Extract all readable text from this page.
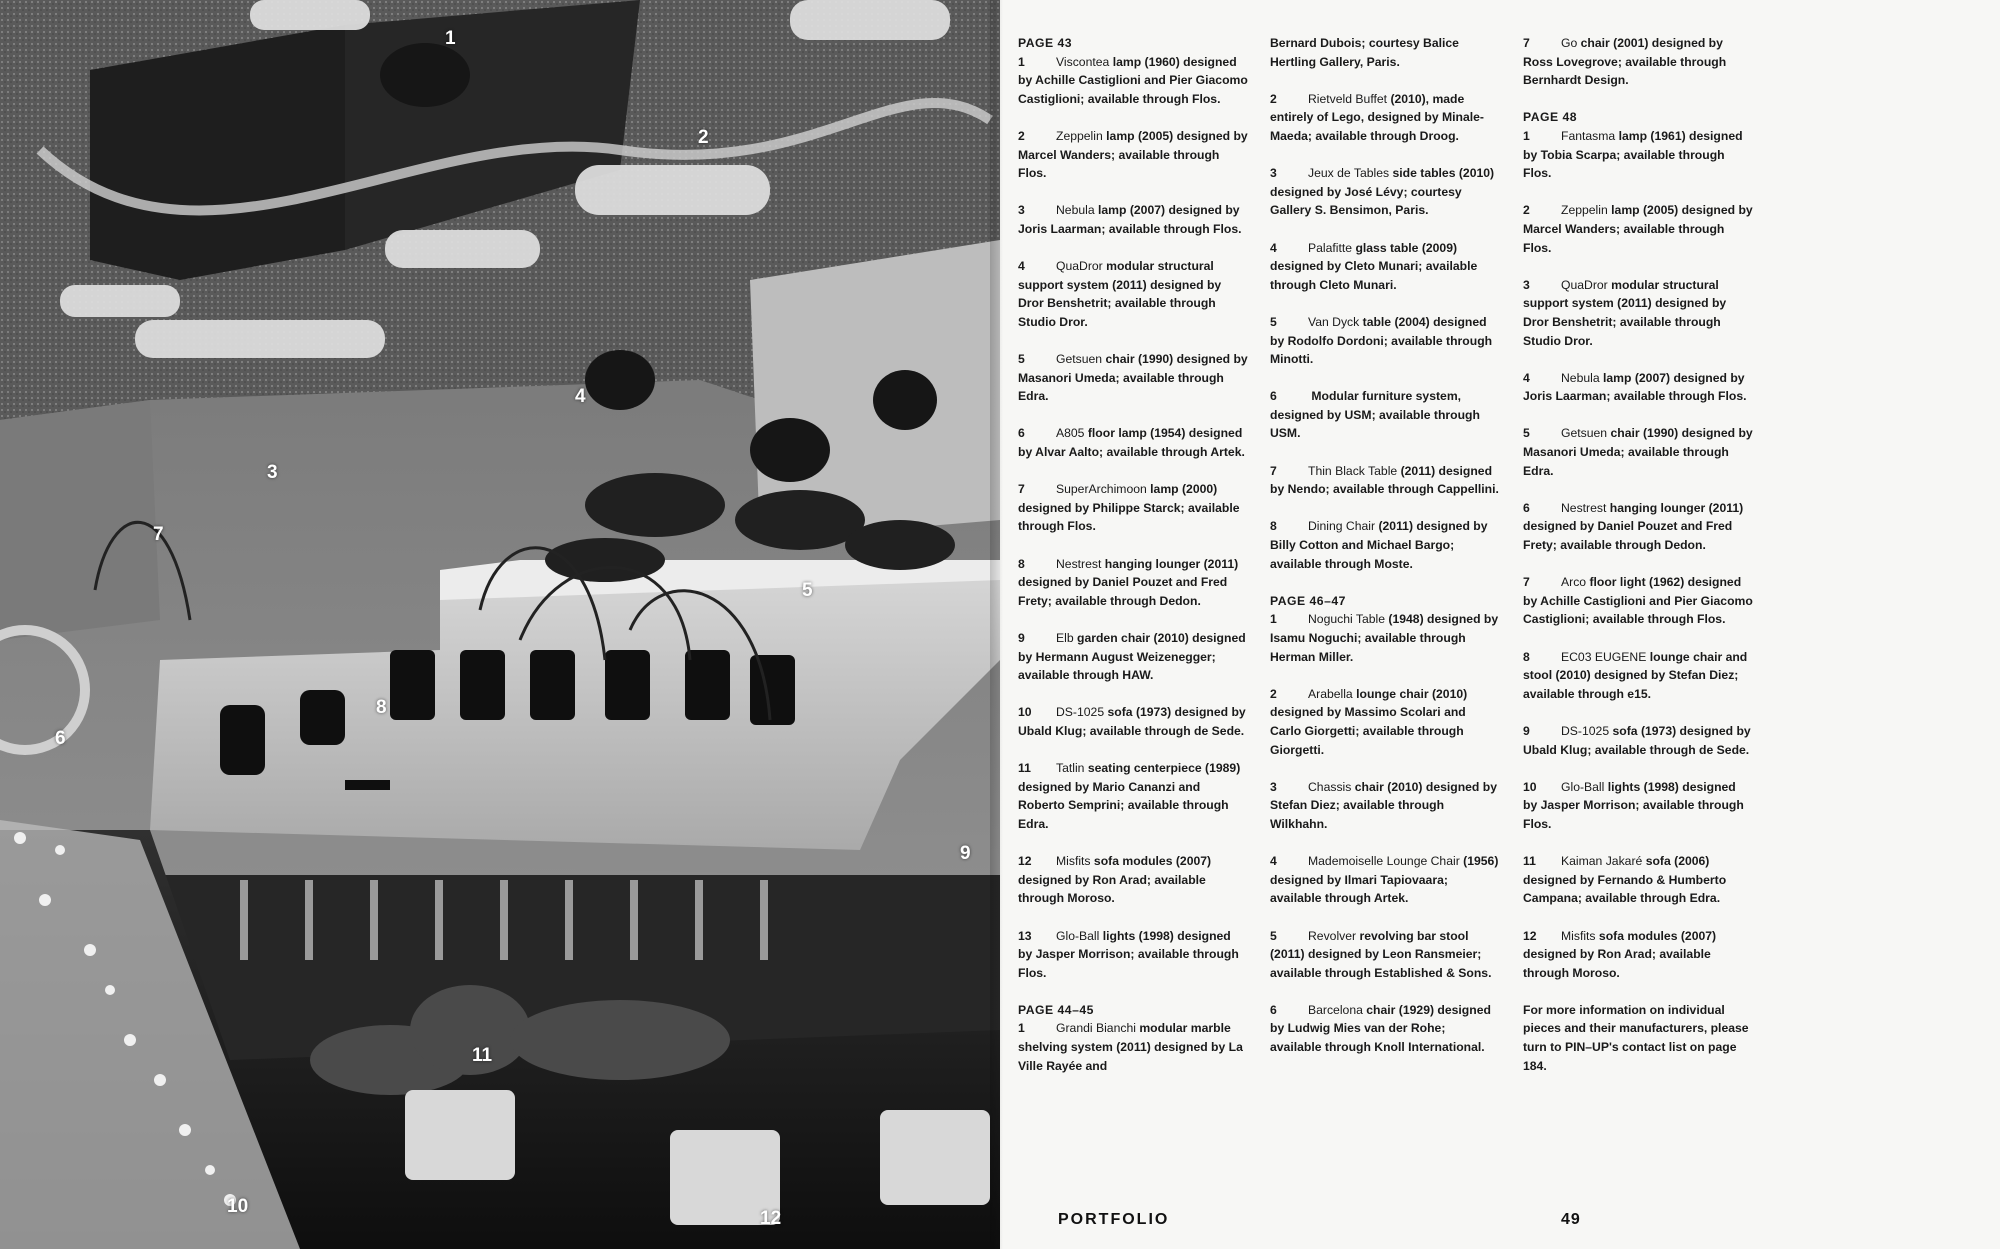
1
2
3
4
5
6
7
8
9
10
11
12
PAGE 43
1	Viscontea lamp (1960) designed by Achille Castiglioni and Pier Giacomo Castiglioni; available through Flos.
2	Zeppelin lamp (2005) designed by Marcel Wanders; available through Flos.
3	Nebula lamp (2007) designed by Joris Laarman; available through Flos.
4	QuaDror modular structural support system (2011) designed by Dror Benshetrit; available through Studio Dror.
5	Getsuen chair (1990) designed by Masanori Umeda; available through Edra.
6	A805 floor lamp (1954) designed by Alvar Aalto; available through Artek.
7	SuperArchimoon lamp (2000) designed by Philippe Starck; available through Flos.
8	Nestrest hanging lounger (2011) designed by Daniel Pouzet and Fred Frety; available through Dedon.
9	Elb garden chair (2010) designed by Hermann August Weizenegger; available through HAW.
10 DS-1025 sofa (1973) designed by Ubald Klug; available through de Sede.
11 Tatlin seating centerpiece (1989) designed by Mario Cananzi and Roberto Semprini; available through Edra.
12 Misfits sofa modules (2007) designed by Ron Arad; available through Moroso.
13 Glo-Ball lights (1998) designed by Jasper Morrison; available through Flos.
PAGE 44–45
1	Grandi Bianchi modular marble shelving system (2011) designed by La Ville Rayée and
Bernard Dubois; courtesy Balice Hertling Gallery, Paris.
2	Rietveld Buffet (2010), made entirely of Lego, designed by Minale-Maeda; available through Droog.
3	Jeux de Tables side tables (2010) designed by José Lévy; courtesy Gallery S. Bensimon, Paris.
4	Palafitte glass table (2009) designed by Cleto Munari; available through Cleto Munari.
5	Van Dyck table (2004) designed by Rodolfo Dordoni; available through Minotti.
6	Modular furniture system, designed by USM; available through USM.
7	Thin Black Table (2011) designed by Nendo; available through Cappellini.
8	Dining Chair (2011) designed by Billy Cotton and Michael Bargo; available through Moste.
PAGE 46–47
1	Noguchi Table (1948) designed by Isamu Noguchi; available through Herman Miller.
2	Arabella lounge chair (2010) designed by Massimo Scolari and Carlo Giorgetti; available through Giorgetti.
3	Chassis chair (2010) designed by Stefan Diez; available through Wilkhahn.
4	Mademoiselle Lounge Chair (1956) designed by Ilmari Tapiovaara; available through Artek.
5	Revolver revolving bar stool (2011) designed by Leon Ransmeier; available through Established & Sons.
6	Barcelona chair (1929) designed by Ludwig Mies van der Rohe; available through Knoll International.
7	Go chair (2001) designed by Ross Lovegrove; available through Bernhardt Design.
PAGE 48
1	Fantasma lamp (1961) designed by Tobia Scarpa; available through Flos.
2	Zeppelin lamp (2005) designed by Marcel Wanders; available through Flos.
3	QuaDror modular structural support system (2011) designed by Dror Benshetrit; available through Studio Dror.
4	Nebula lamp (2007) designed by Joris Laarman; available through Flos.
5	Getsuen chair (1990) designed by Masanori Umeda; available through Edra.
6	Nestrest hanging lounger (2011) designed by Daniel Pouzet and Fred Frety; available through Dedon.
7	Arco floor light (1962) designed by Achille Castiglioni and Pier Giacomo Castiglioni; available through Flos.
8	EC03 EUGENE lounge chair and stool (2010) designed by Stefan Diez; available through e15.
9	DS-1025 sofa (1973) designed by Ubald Klug; available through de Sede.
10 Glo-Ball lights (1998) designed by Jasper Morrison; available through Flos.
11 Kaiman Jakaré sofa (2006) designed by Fernando & Humberto Campana; available through Edra.
12 Misfits sofa modules (2007) designed by Ron Arad; available through Moroso.
For more information on individual pieces and their manufacturers, please turn to PIN–UP's contact list on page 184.
PORTFOLIO	49
